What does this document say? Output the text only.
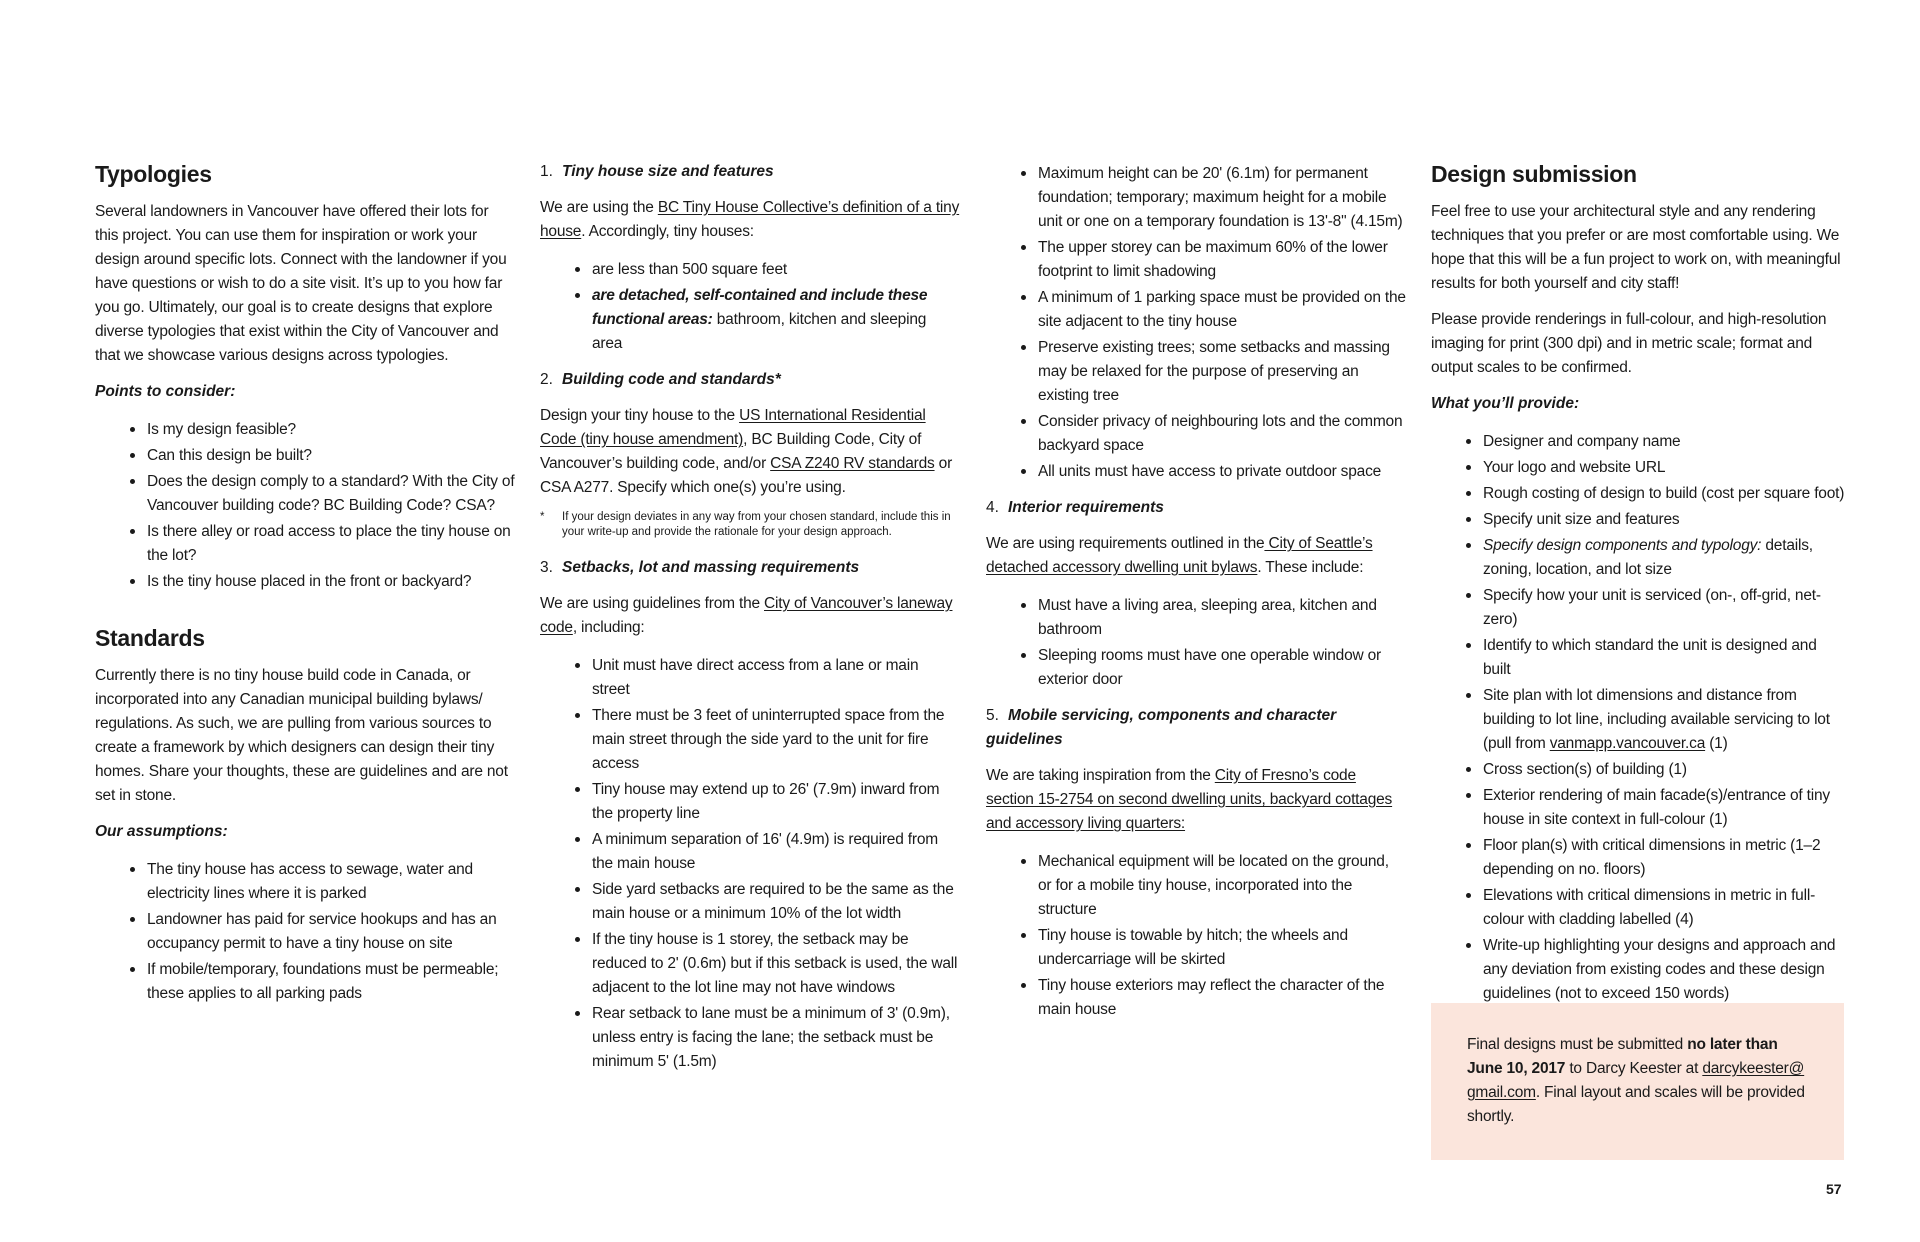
Typologies

Several landowners in Vancouver have offered their lots for this project. You can use them for inspiration or work your design around specific lots. Connect with the landowner if you have questions or wish to do a site visit. It’s up to you how far you go. Ultimately, our goal is to create designs that explore diverse typologies that exist within the City of Vancouver and that we showcase various designs across typologies.

Points to consider:
• Is my design feasible?
• Can this design be built?
• Does the design comply to a standard? With the City of Vancouver building code? BC Building Code? CSA?
• Is there alley or road access to place the tiny house on the lot?
• Is the tiny house placed in the front or backyard?
Standards

Currently there is no tiny house build code in Canada, or incorporated into any Canadian municipal building bylaws/ regulations. As such, we are pulling from various sources to create a framework by which designers can design their tiny homes. Share your thoughts, these are guidelines and are not set in stone.

Our assumptions:
• The tiny house has access to sewage, water and electricity lines where it is parked
• Landowner has paid for service hookups and has an occupancy permit to have a tiny house on site
• If mobile/temporary, foundations must be permeable; these applies to all parking pads
1. Tiny house size and features

We are using the BC Tiny House Collective’s definition of a tiny house. Accordingly, tiny houses:

• are less than 500 square feet
• are detached, self-contained and include these functional areas: bathroom, kitchen and sleeping area
2. Building code and standards*

Design your tiny house to the US International Residential Code (tiny house amendment), BC Building Code, City of Vancouver’s building code, and/or CSA Z240 RV standards or CSA A277. Specify which one(s) you’re using.

* If your design deviates in any way from your chosen standard, include this in your write-up and provide the rationale for your design approach.
3. Setbacks, lot and massing requirements

We are using guidelines from the City of Vancouver’s laneway code, including:

• Unit must have direct access from a lane or main street
• There must be 3 feet of uninterrupted space from the main street through the side yard to the unit for fire access
• Tiny house may extend up to 26' (7.9m) inward from the property line
• A minimum separation of 16' (4.9m) is required from the main house
• Side yard setbacks are required to be the same as the main house or a minimum 10% of the lot width
• If the tiny house is 1 storey, the setback may be reduced to 2' (0.6m) but if this setback is used, the wall adjacent to the lot line may not have windows
• Rear setback to lane must be a minimum of 3' (0.9m), unless entry is facing the lane; the setback must be minimum 5' (1.5m)
• Maximum height can be 20' (6.1m) for permanent foundation; temporary; maximum height for a mobile unit or one on a temporary foundation is 13'-8" (4.15m)
• The upper storey can be maximum 60% of the lower footprint to limit shadowing
• A minimum of 1 parking space must be provided on the site adjacent to the tiny house
• Preserve existing trees; some setbacks and massing may be relaxed for the purpose of preserving an existing tree
• Consider privacy of neighbouring lots and the common backyard space
• All units must have access to private outdoor space
4. Interior requirements

We are using requirements outlined in the City of Seattle’s detached accessory dwelling unit bylaws. These include:

• Must have a living area, sleeping area, kitchen and bathroom
• Sleeping rooms must have one operable window or exterior door
5. Mobile servicing, components and character guidelines

We are taking inspiration from the City of Fresno’s code section 15-2754 on second dwelling units, backyard cottages and accessory living quarters:

• Mechanical equipment will be located on the ground, or for a mobile tiny house, incorporated into the structure
• Tiny house is towable by hitch; the wheels and undercarriage will be skirted
• Tiny house exteriors may reflect the character of the main house
Design submission

Feel free to use your architectural style and any rendering techniques that you prefer or are most comfortable using. We hope that this will be a fun project to work on, with meaningful results for both yourself and city staff!

Please provide renderings in full-colour, and high-resolution imaging for print (300 dpi) and in metric scale; format and output scales to be confirmed.

What you’ll provide:
• Designer and company name
• Your logo and website URL
• Rough costing of design to build (cost per square foot)
• Specify unit size and features
• Specify design components and typology: details, zoning, location, and lot size
• Specify how your unit is serviced (on-, off-grid, net-zero)
• Identify to which standard the unit is designed and built
• Site plan with lot dimensions and distance from building to lot line, including available servicing to lot (pull from vanmapp.vancouver.ca (1)
• Cross section(s) of building (1)
• Exterior rendering of main facade(s)/entrance of tiny house in site context in full-colour (1)
• Floor plan(s) with critical dimensions in metric (1–2 depending on no. floors)
• Elevations with critical dimensions in metric in full-colour with cladding labelled (4)
• Write-up highlighting your designs and approach and any deviation from existing codes and these design guidelines (not to exceed 150 words)

Final designs must be submitted no later than June 10, 2017 to Darcy Keester at darcykeester@ gmail.com. Final layout and scales will be provided shortly.

57
